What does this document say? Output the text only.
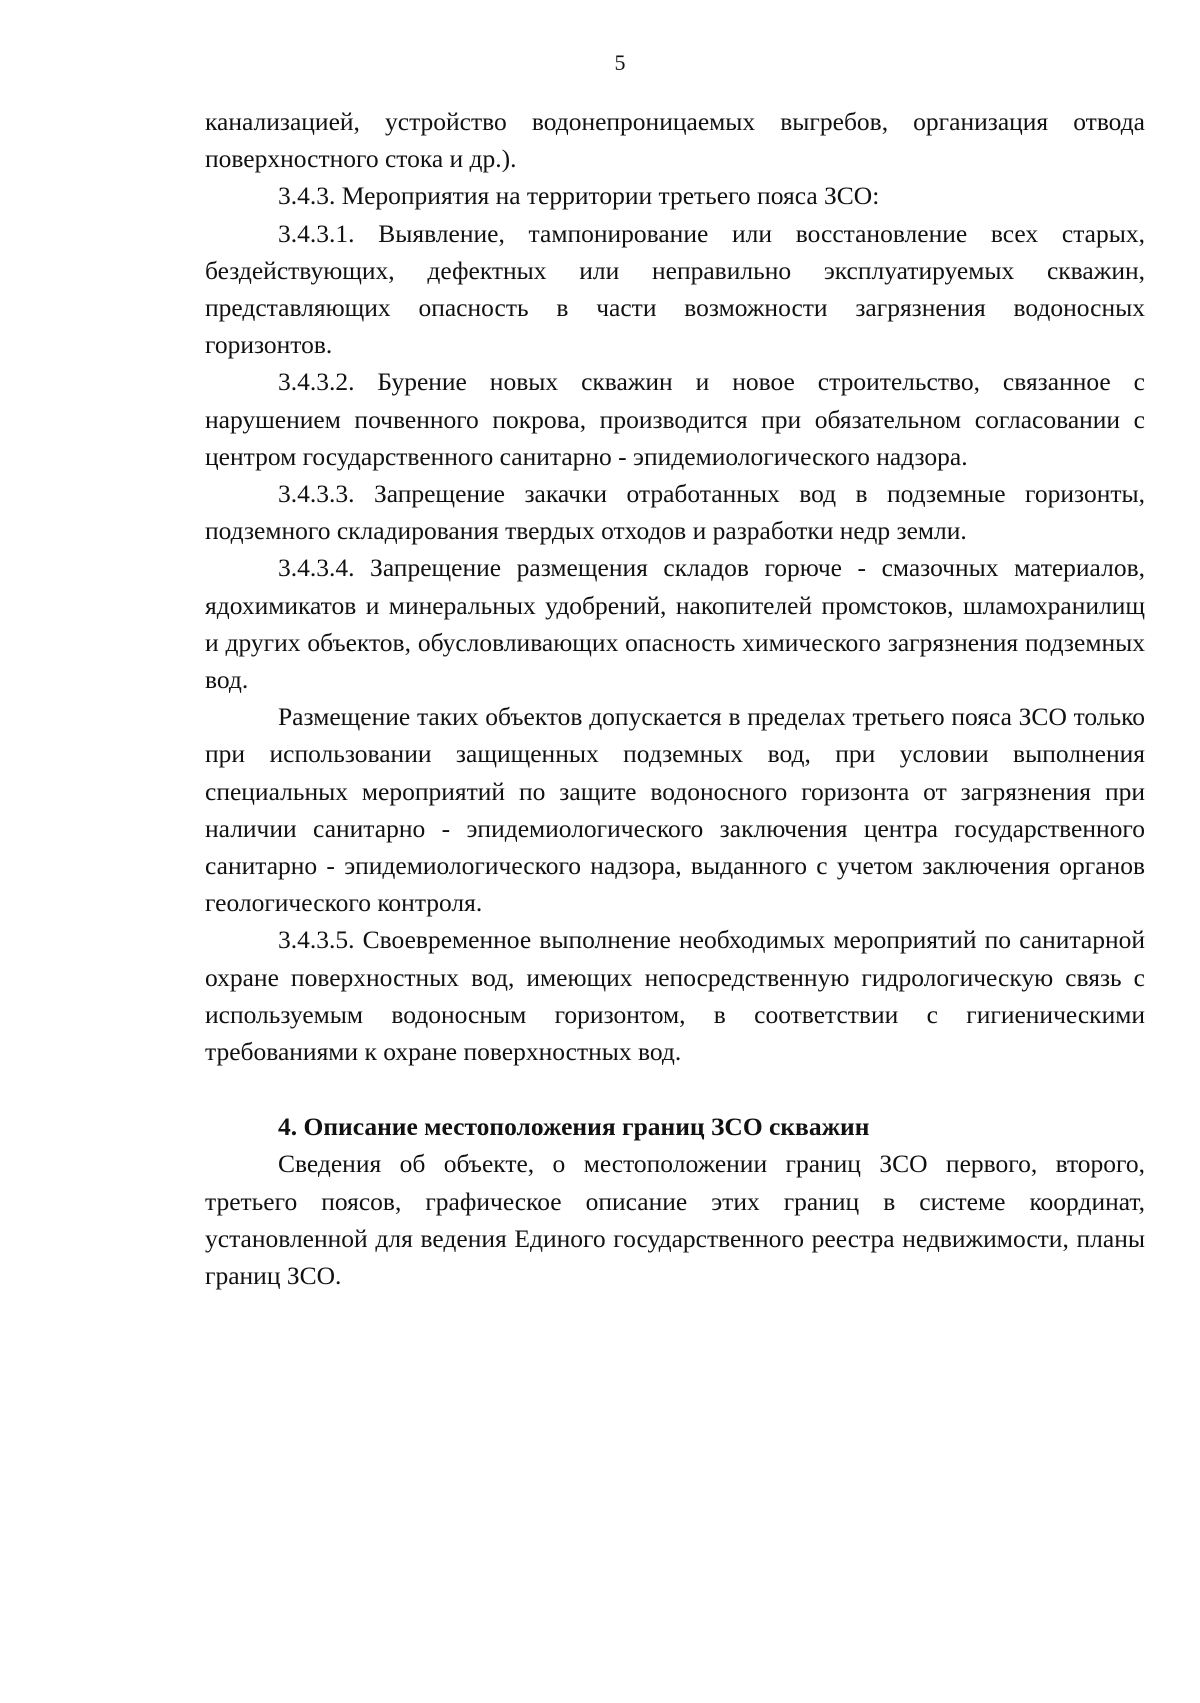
5

канализацией, устройство водонепроницаемых выгребов, организация отвода поверхностного стока и др.).

3.4.3. Мероприятия на территории третьего пояса ЗСО:

3.4.3.1. Выявление, тампонирование или восстановление всех старых, бездействующих, дефектных или неправильно эксплуатируемых скважин, представляющих опасность в части возможности загрязнения водоносных горизонтов.

3.4.3.2. Бурение новых скважин и новое строительство, связанное с нарушением почвенного покрова, производится при обязательном согласовании с центром государственного санитарно - эпидемиологического надзора.

3.4.3.3. Запрещение закачки отработанных вод в подземные горизонты, подземного складирования твердых отходов и разработки недр земли.

3.4.3.4. Запрещение размещения складов горюче - смазочных материалов, ядохимикатов и минеральных удобрений, накопителей промстоков, шламохранилищ и других объектов, обусловливающих опасность химического загрязнения подземных вод.

Размещение таких объектов допускается в пределах третьего пояса ЗСО только при использовании защищенных подземных вод, при условии выполнения специальных мероприятий по защите водоносного горизонта от загрязнения при наличии санитарно - эпидемиологического заключения центра государственного санитарно - эпидемиологического надзора, выданного с учетом заключения органов геологического контроля.

3.4.3.5. Своевременное выполнение необходимых мероприятий по санитарной охране поверхностных вод, имеющих непосредственную гидрологическую связь с используемым водоносным горизонтом, в соответствии с гигиеническими требованиями к охране поверхностных вод.

4. Описание местоположения границ ЗСО скважин

Сведения об объекте, о местоположении границ ЗСО первого, второго, третьего поясов, графическое описание этих границ в системе координат, установленной для ведения Единого государственного реестра недвижимости, планы границ ЗСО.
